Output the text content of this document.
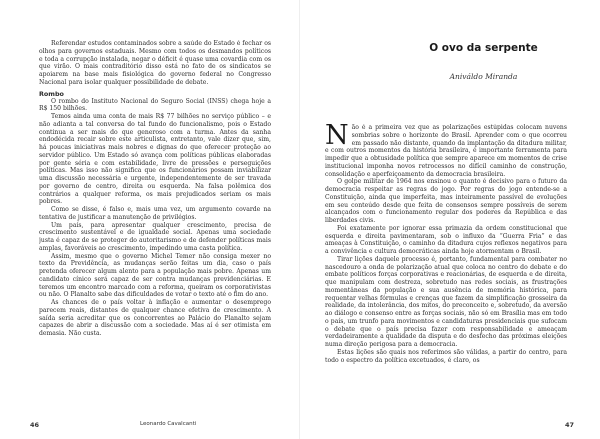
Referendar estudos contaminados sobre a saúde do Estado é fechar os olhos para governos estaduais. Mesmo com todos os desmandos políticos e toda a corrupção instalada, negar o déficit é quase uma covardia com os que virão. O mais contraditório disso está no fato de os sindicatos se apoiarem na base mais fisiológica do governo federal no Congresso Nacional para isolar qualquer possibilidade de debate.

Rombo

O rombo do Instituto Nacional do Seguro Social (INSS) chega hoje a R$ 150 bilhões.

Temos ainda uma conta de mais R$ 77 bilhões no serviço público – e não adianta a tal conversa do tal fundo do funcionalismo, pois o Estado continua a ser mais do que generoso com a turma. Antes da sanha endodécida recair sobre este articulista, entretanto, vale dizer que, sim, há poucas iniciativas mais nobres e dignas do que oferecer proteção ao servidor público. Um Estado só avança com políticas públicas elaboradas por gente séria e com estabilidade, livre de pressões e perseguições políticas. Mas isso não significa que os funcionários possam inviabilizar uma discussão necessária e urgente, independentemente de ser travada por governo de centro, direita ou esquerda. Na falsa polêmica dos contrários a qualquer reforma, os mais prejudicados seriam os mais pobres.

Como se disse, é falso e, mais uma vez, um argumento covarde na tentativa de justificar a manutenção de privilégios.

Um país, para apresentar qualquer crescimento, precisa de crescimento sustentável e de igualdade social. Apenas uma sociedade justa é capaz de se proteger do autoritarismo e de defender políticas mais amplas, favoráveis ao crescimento, impedindo uma casta política.

Assim, mesmo que o governo Michel Temer não consiga mexer no texto da Previdência, as mudanças serão feitas um dia, caso o país pretenda oferecer algum alento para a população mais pobre. Apenas um candidato cínico será capaz de ser contra mudanças previdenciárias. E teremos um encontro marcado com a reforma, queiram os corporativistas ou não. O Planalto sabe das dificuldades de votar o texto até o fim do ano.

As chances de o país voltar à inflação e aumentar o desemprego parecem reais, distantes de qualquer chance efetiva de crescimento. A saída seria acreditar que os concorrentes ao Palácio do Planalto sejam capazes de abrir a discussão com a sociedade. Mas aí é ser otimista em demasia. Não custa.

O ovo da serpente
Aniváldo Miranda

Não é a primeira vez que as polarizações estúpidas colocam nuvens sombrias sobre o horizonte do Brasil. Aprender com o que ocorreu em passado não distante, quando da implantação da ditadura militar, e com outros momentos da história brasileira, é importante ferramenta para impedir que a obtusidade política que sempre aparece em momentos de crise institucional imponha novos retrocessos no difícil caminho de construção, consolidação e aperfeiçoamento da democracia brasileira.

O golpe militar de 1964 nos ensinou o quanto é decisivo para o futuro da democracia respeitar as regras do jogo. Por regras do jogo entende-se a Constituição, ainda que imperfeita, mas inteiramente passível de evoluções em seu conteúdo desde que feita de consensos sempre possíveis de serem alcançados com o funcionamento regular dos poderes da República e das liberdades civis.

Foi exatamente por ignorar essa primazia da ordem constitucional que esquerda e direita pavimentaram, sob o influxo da “Guerra Fria” e das ameaças à Constituição, o caminho da ditadura cujos reflexos negativos para a convivência e cultura democráticas ainda hoje atormentam o Brasil.

Tirar lições daquele processo é, portanto, fundamental para combater no nascedouro a onda de polarização atual que coloca no centro do debate e do embate políticos forças corporativas e reacionárias, de esquerda e de direita, que manipulam com destreza, sobretudo nas redes sociais, as frustrações momentâneas da população e sua ausência de memória histórica, para requentar velhas fórmulas e crenças que fazem da simplificação grosseira da realidade, da intolerância, dos mitos, do preconceito e, sobretudo, da aversão ao diálogo e consenso entre as forças sociais, não só em Brasília mas em todo o país, um trunfo para movimentos e candidaturas presidenciais que sufocam o debate que o país precisa fazer com responsabilidade e ameaçam verdadeiramente a qualidade da disputa e do desfecho das próximas eleições numa direção perigosa para a democracia.

Estas lições são quais nos referimos são válidas, a partir do centro, para todo o espectro da política excetuados, é claro, os

46	Leonardo Cavalcanti	47
